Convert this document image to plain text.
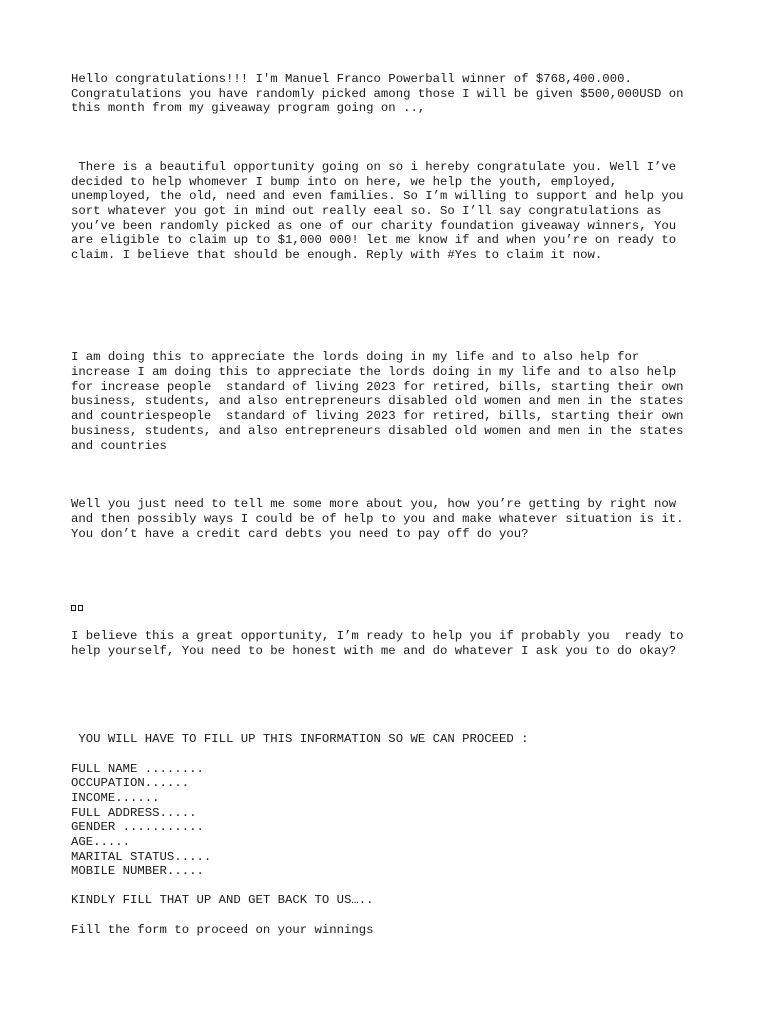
Hello congratulations!!! I'm Manuel Franco Powerball winner of $768,400.000.

Congratulations you have randomly picked among those I will be given $500,000USD on

this month from my giveaway program going on ..,

There is a beautiful opportunity going on so i hereby congratulate you. Well I’ve

decided to help whomever I bump into on here, we help the youth, employed,

unemployed, the old, need and even families. So I’m willing to support and help you

sort whatever you got in mind out really eeal so. So I’ll say congratulations as

you’ve been randomly picked as one of our charity foundation giveaway winners, You

are eligible to claim up to $1,000 000! let me know if and when you’re on ready to

claim. I believe that should be enough. Reply with #Yes to claim it now.

I am doing this to appreciate the lords doing in my life and to also help for

increase I am doing this to appreciate the lords doing in my life and to also help

for increase people  standard of living 2023 for retired, bills, starting their own

business, students, and also entrepreneurs disabled old women and men in the states

and countriespeople  standard of living 2023 for retired, bills, starting their own

business, students, and also entrepreneurs disabled old women and men in the states

and countries

Well you just need to tell me some more about you, how you’re getting by right now

and then possibly ways I could be of help to you and make whatever situation is it.

You don’t have a credit card debts you need to pay off do you?

I believe this a great opportunity, I’m ready to help you if probably you  ready to

help yourself, You need to be honest with me and do whatever I ask you to do okay?

YOU WILL HAVE TO FILL UP THIS INFORMATION SO WE CAN PROCEED :

FULL NAME ........

OCCUPATION......

INCOME......

FULL ADDRESS.....

GENDER ...........

AGE.....

MARITAL STATUS.....

MOBILE NUMBER.....

KINDLY FILL THAT UP AND GET BACK TO US…..

Fill the form to proceed on your winnings
